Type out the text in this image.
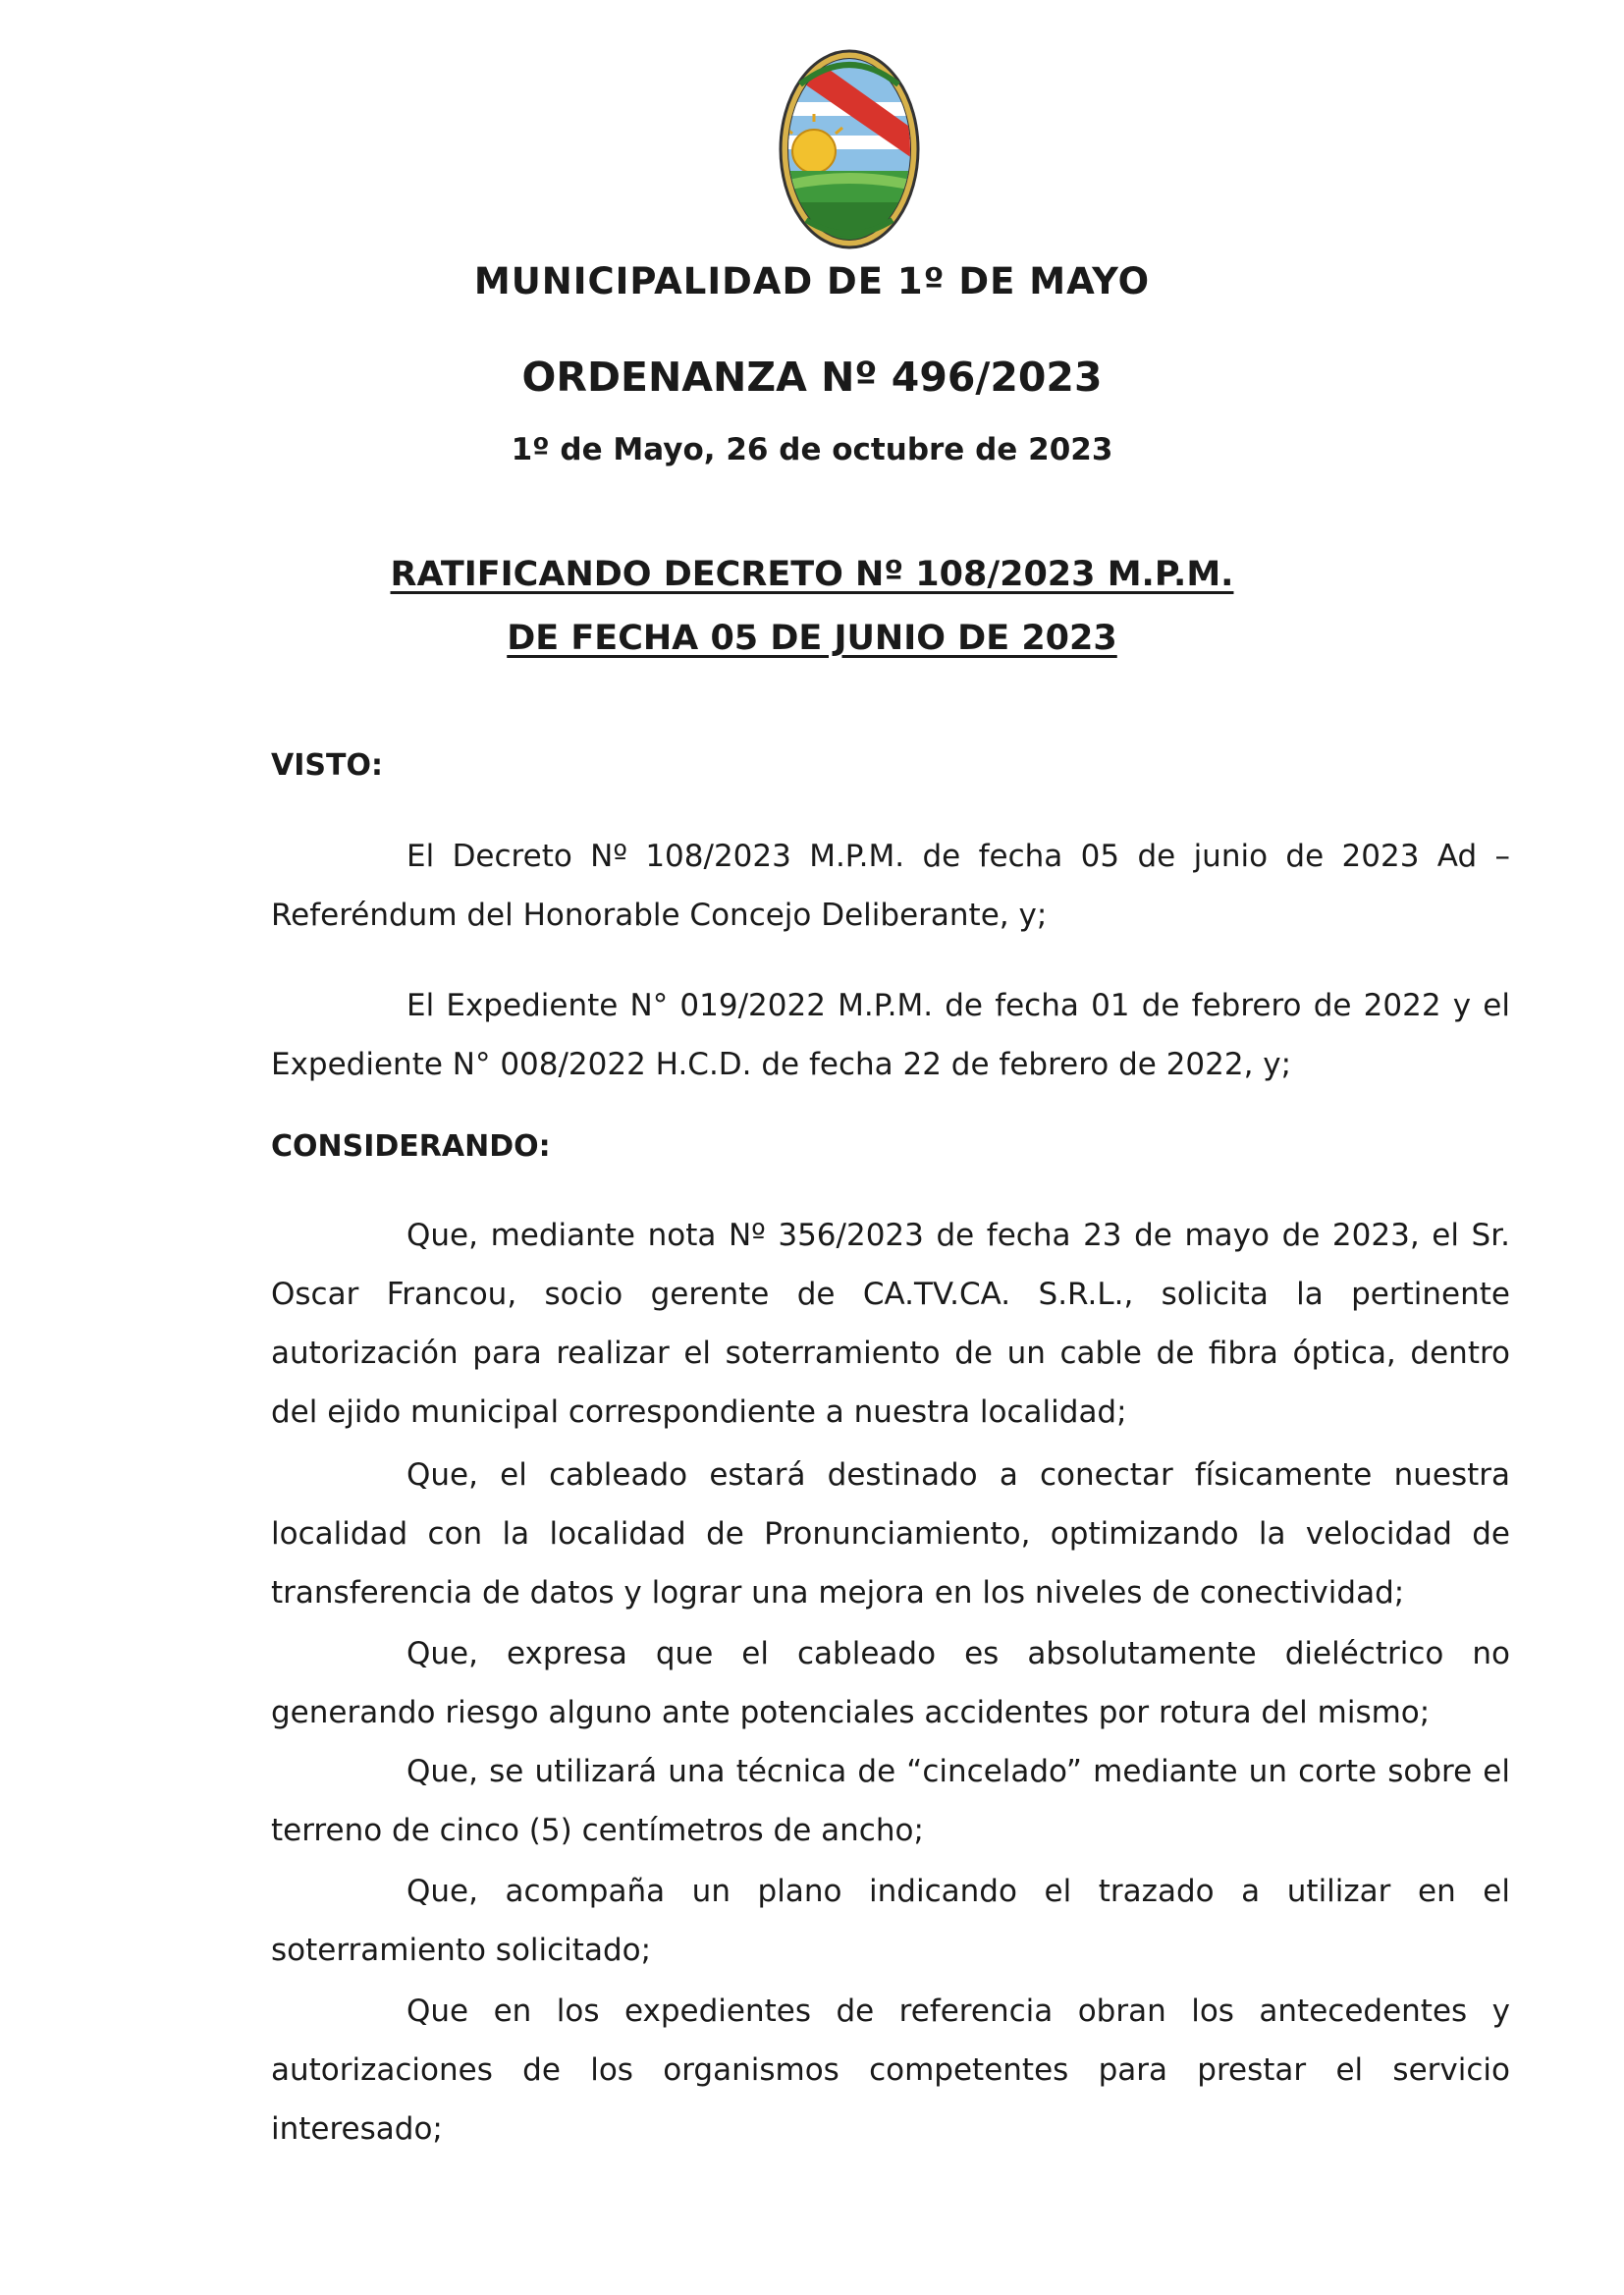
MUNICIPALIDAD DE 1º DE MAYO
ORDENANZA Nº 496/2023
1º de Mayo, 26 de octubre de 2023
RATIFICANDO DECRETO Nº 108/2023 M.P.M.
DE FECHA 05 DE JUNIO DE 2023
VISTO:

El Decreto Nº 108/2023 M.P.M. de fecha 05 de junio de 2023 Ad – Referéndum del Honorable Concejo Deliberante, y;

El Expediente N° 019/2022 M.P.M. de fecha 01 de febrero de 2022 y el Expediente N° 008/2022 H.C.D. de fecha 22 de febrero de 2022, y;

CONSIDERANDO:

Que, mediante nota Nº 356/2023 de fecha 23 de mayo de 2023, el Sr. Oscar Francou, socio gerente de CA.TV.CA. S.R.L., solicita la pertinente autorización para realizar el soterramiento de un cable de fibra óptica, dentro del ejido municipal correspondiente a nuestra localidad;

Que, el cableado estará destinado a conectar físicamente nuestra localidad con la localidad de Pronunciamiento, optimizando la velocidad de transferencia de datos y lograr una mejora en los niveles de conectividad;

Que, expresa que el cableado es absolutamente dieléctrico no generando riesgo alguno ante potenciales accidentes por rotura del mismo;

Que, se utilizará una técnica de “cincelado” mediante un corte sobre el terreno de cinco (5) centímetros de ancho;

Que, acompaña un plano indicando el trazado a utilizar en el soterramiento solicitado;

Que en los expedientes de referencia obran los antecedentes y autorizaciones de los organismos competentes para prestar el servicio interesado;
